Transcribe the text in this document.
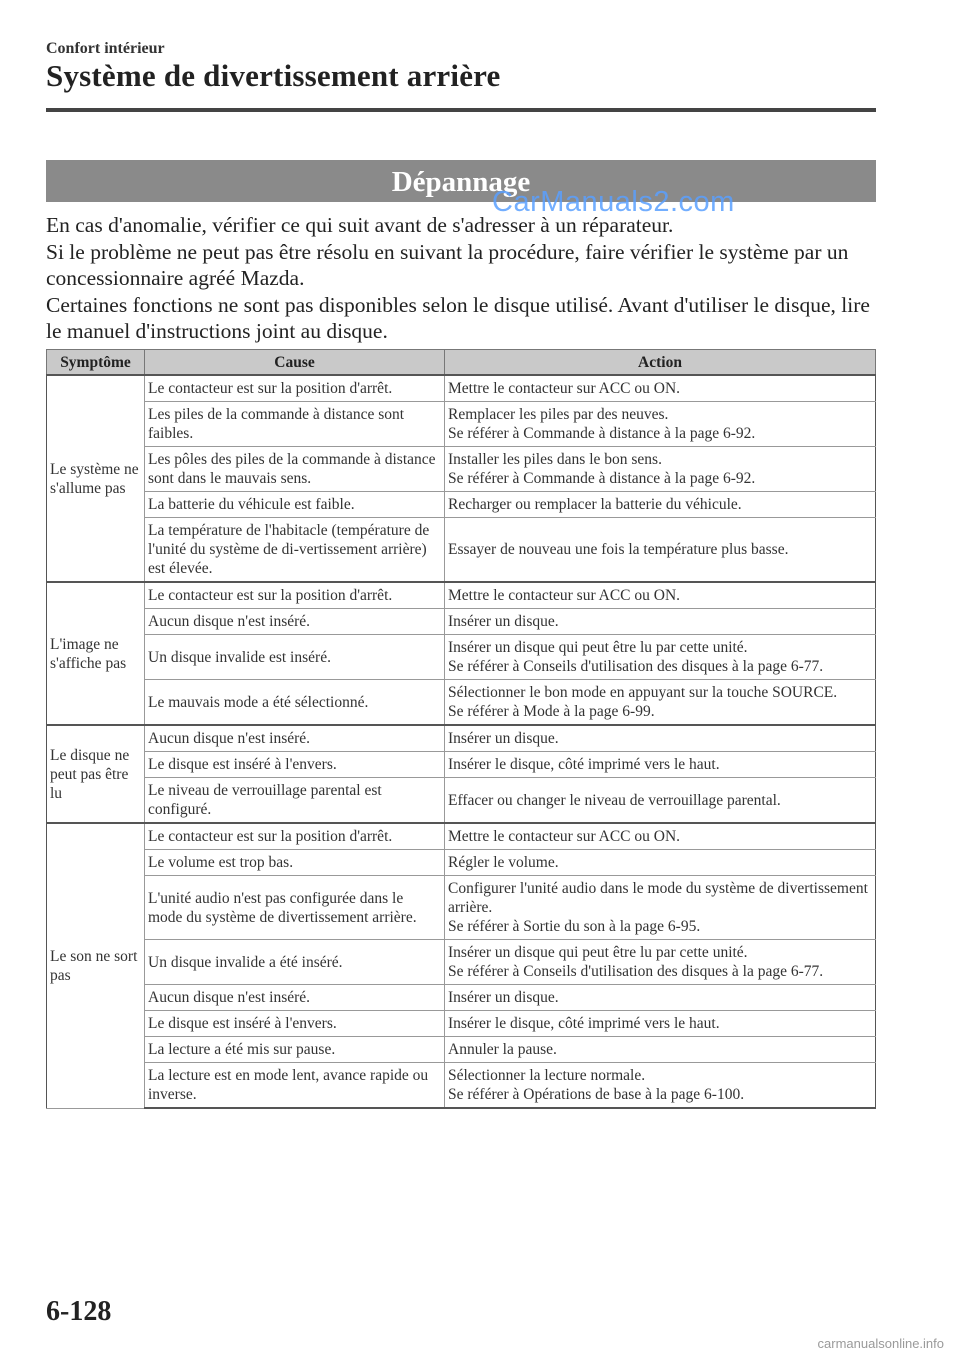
Confort intérieur
Système de divertissement arrière
Dépannage
CarManuals2.com

En cas d'anomalie, vérifier ce qui suit avant de s'adresser à un réparateur.

Si le problème ne peut pas être résolu en suivant la procédure, faire vérifier le système par un concessionnaire agréé Mazda.

Certaines fonctions ne sont pas disponibles selon le disque utilisé. Avant d'utiliser le disque, lire le manuel d'instructions joint au disque.

Symptôme	Cause	Action
Le système ne s'allume pas	Le contacteur est sur la position d'arrêt.	Mettre le contacteur sur ACC ou ON.
	Les piles de la commande à distance sont faibles.	Remplacer les piles par des neuves.
Se référer à Commande à distance à la page 6-92.
	Les pôles des piles de la commande à distance sont dans le mauvais sens.	Installer les piles dans le bon sens.
Se référer à Commande à distance à la page 6-92.
	La batterie du véhicule est faible.	Recharger ou remplacer la batterie du véhicule.
	La température de l'habitacle (température de l'unité du système de di-vertissement arrière) est élevée.	Essayer de nouveau une fois la température plus basse.
L'image ne s'affiche pas	Le contacteur est sur la position d'arrêt.	Mettre le contacteur sur ACC ou ON.
	Aucun disque n'est inséré.	Insérer un disque.
	Un disque invalide est inséré.	Insérer un disque qui peut être lu par cette unité.
Se référer à Conseils d'utilisation des disques à la page 6-77.
	Le mauvais mode a été sélectionné.	Sélectionner le bon mode en appuyant sur la touche SOURCE.
Se référer à Mode à la page 6-99.
Le disque ne peut pas être lu	Aucun disque n'est inséré.	Insérer un disque.
	Le disque est inséré à l'envers.	Insérer le disque, côté imprimé vers le haut.
	Le niveau de verrouillage parental est configuré.	Effacer ou changer le niveau de verrouillage parental.
Le son ne sort pas	Le contacteur est sur la position d'arrêt.	Mettre le contacteur sur ACC ou ON.
	Le volume est trop bas.	Régler le volume.
	L'unité audio n'est pas configurée dans le mode du système de divertissement arrière.	Configurer l'unité audio dans le mode du système de divertissement arrière.
Se référer à Sortie du son à la page 6-95.
	Un disque invalide a été inséré.	Insérer un disque qui peut être lu par cette unité.
Se référer à Conseils d'utilisation des disques à la page 6-77.
	Aucun disque n'est inséré.	Insérer un disque.
	Le disque est inséré à l'envers.	Insérer le disque, côté imprimé vers le haut.
	La lecture a été mis sur pause.	Annuler la pause.
	La lecture est en mode lent, avance rapide ou inverse.	Sélectionner la lecture normale.
Se référer à Opérations de base à la page 6-100.
6-128
carmanualsonline.info
